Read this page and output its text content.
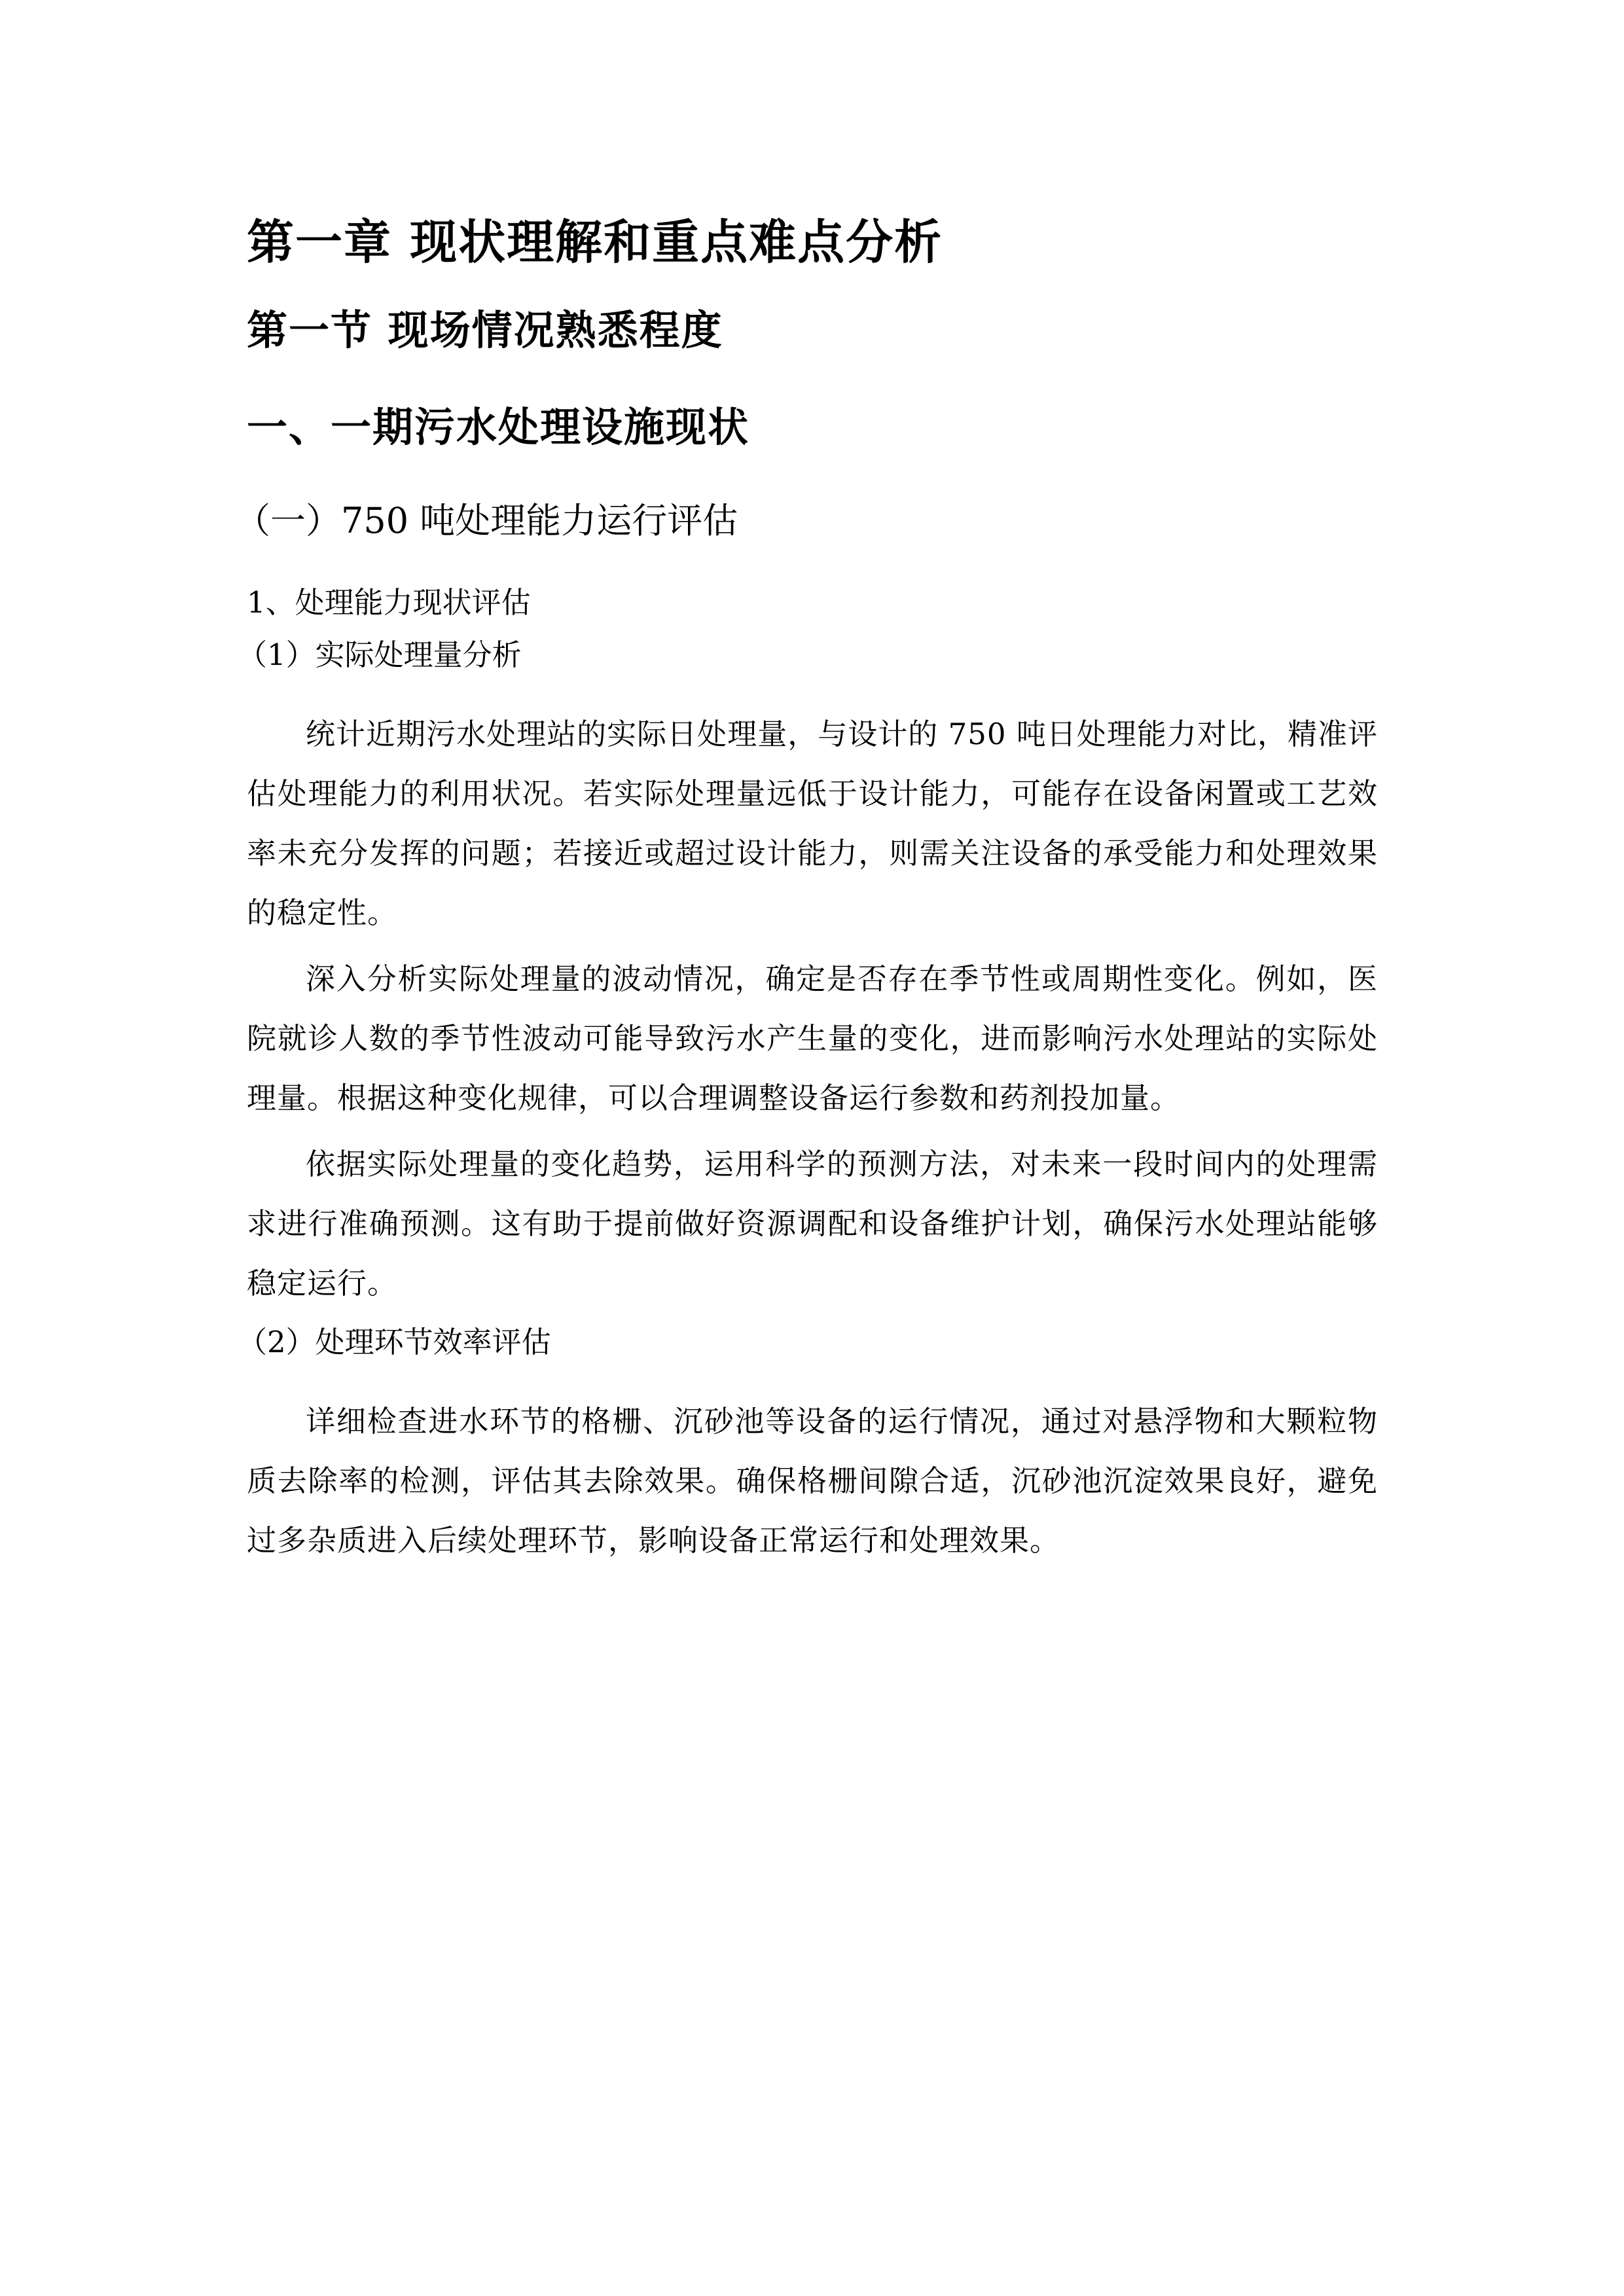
第一章 现状理解和重点难点分析
第一节 现场情况熟悉程度
一、一期污水处理设施现状
（一）750 吨处理能力运行评估
1、处理能力现状评估
（1）实际处理量分析

统计近期污水处理站的实际日处理量，与设计的 750 吨日处理能力对比，精准评估处理能力的利用状况。若实际处理量远低于设计能力，可能存在设备闲置或工艺效率未充分发挥的问题；若接近或超过设计能力，则需关注设备的承受能力和处理效果的稳定性。

深入分析实际处理量的波动情况，确定是否存在季节性或周期性变化。例如，医院就诊人数的季节性波动可能导致污水产生量的变化，进而影响污水处理站的实际处理量。根据这种变化规律，可以合理调整设备运行参数和药剂投加量。

依据实际处理量的变化趋势，运用科学的预测方法，对未来一段时间内的处理需求进行准确预测。这有助于提前做好资源调配和设备维护计划，确保污水处理站能够稳定运行。

（2）处理环节效率评估

详细检查进水环节的格栅、沉砂池等设备的运行情况，通过对悬浮物和大颗粒物质去除率的检测，评估其去除效果。确保格栅间隙合适，沉砂池沉淀效果良好，避免过多杂质进入后续处理环节，影响设备正常运行和处理效果。
